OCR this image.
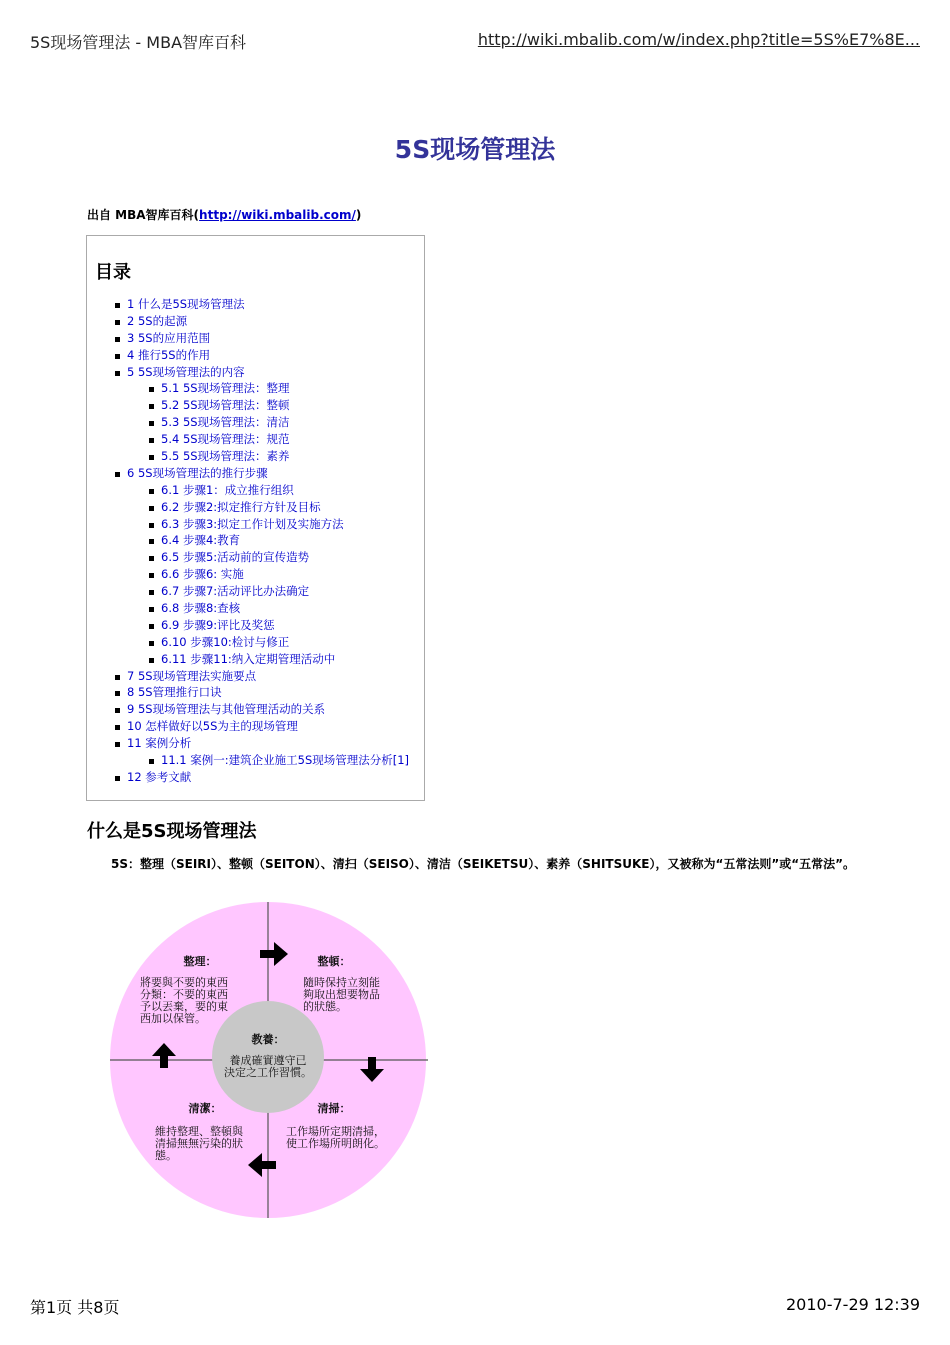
5S现场管理法 - MBA智库百科	http://wiki.mbalib.com/w/index.php?title=5S%E7%8E...
5S现场管理法
出自 MBA智库百科(http://wiki.mbalib.com/)
目录
1 什么是5S现场管理法
2 5S的起源
3 5S的应用范围
4 推行5S的作用
5 5S现场管理法的内容
5.1 5S现场管理法：整理
5.2 5S现场管理法：整顿
5.3 5S现场管理法：清洁
5.4 5S现场管理法：规范
5.5 5S现场管理法：素养
6 5S现场管理法的推行步骤
6.1 步骤1：成立推行组织
6.2 步骤2:拟定推行方针及目标
6.3 步骤3:拟定工作计划及实施方法
6.4 步骤4:教育
6.5 步骤5:活动前的宣传造势
6.6 步骤6: 实施
6.7 步骤7:活动评比办法确定
6.8 步骤8:查核
6.9 步骤9:评比及奖惩
6.10 步骤10:检讨与修正
6.11 步骤11:纳入定期管理活动中
7 5S现场管理法实施要点
8 5S管理推行口诀
9 5S现场管理法与其他管理活动的关系
10 怎样做好以5S为主的现场管理
11 案例分析
11.1 案例一:建筑企业施工5S现场管理法分析[1]
12 参考文献
什么是5S现场管理法
5S：整理（SEIRI）、整顿（SEITON）、清扫（SEISO）、清洁（SEIKETSU）、素养（SHITSUKE），又被称为“五常法则”或“五常法”。
整理：
將要與不要的東西
分類：不要的東西
予以丟棄，要的東
西加以保管。
整頓：
隨時保持立刻能
夠取出想要物品
的狀態。
教養：
養成確實遵守已
決定之工作習慣。
清潔：
維持整理、整頓與
清掃無無污染的狀
態。
清掃：
工作場所定期清掃，
使工作場所明朗化。
第1页 共8页	2010-7-29 12:39
